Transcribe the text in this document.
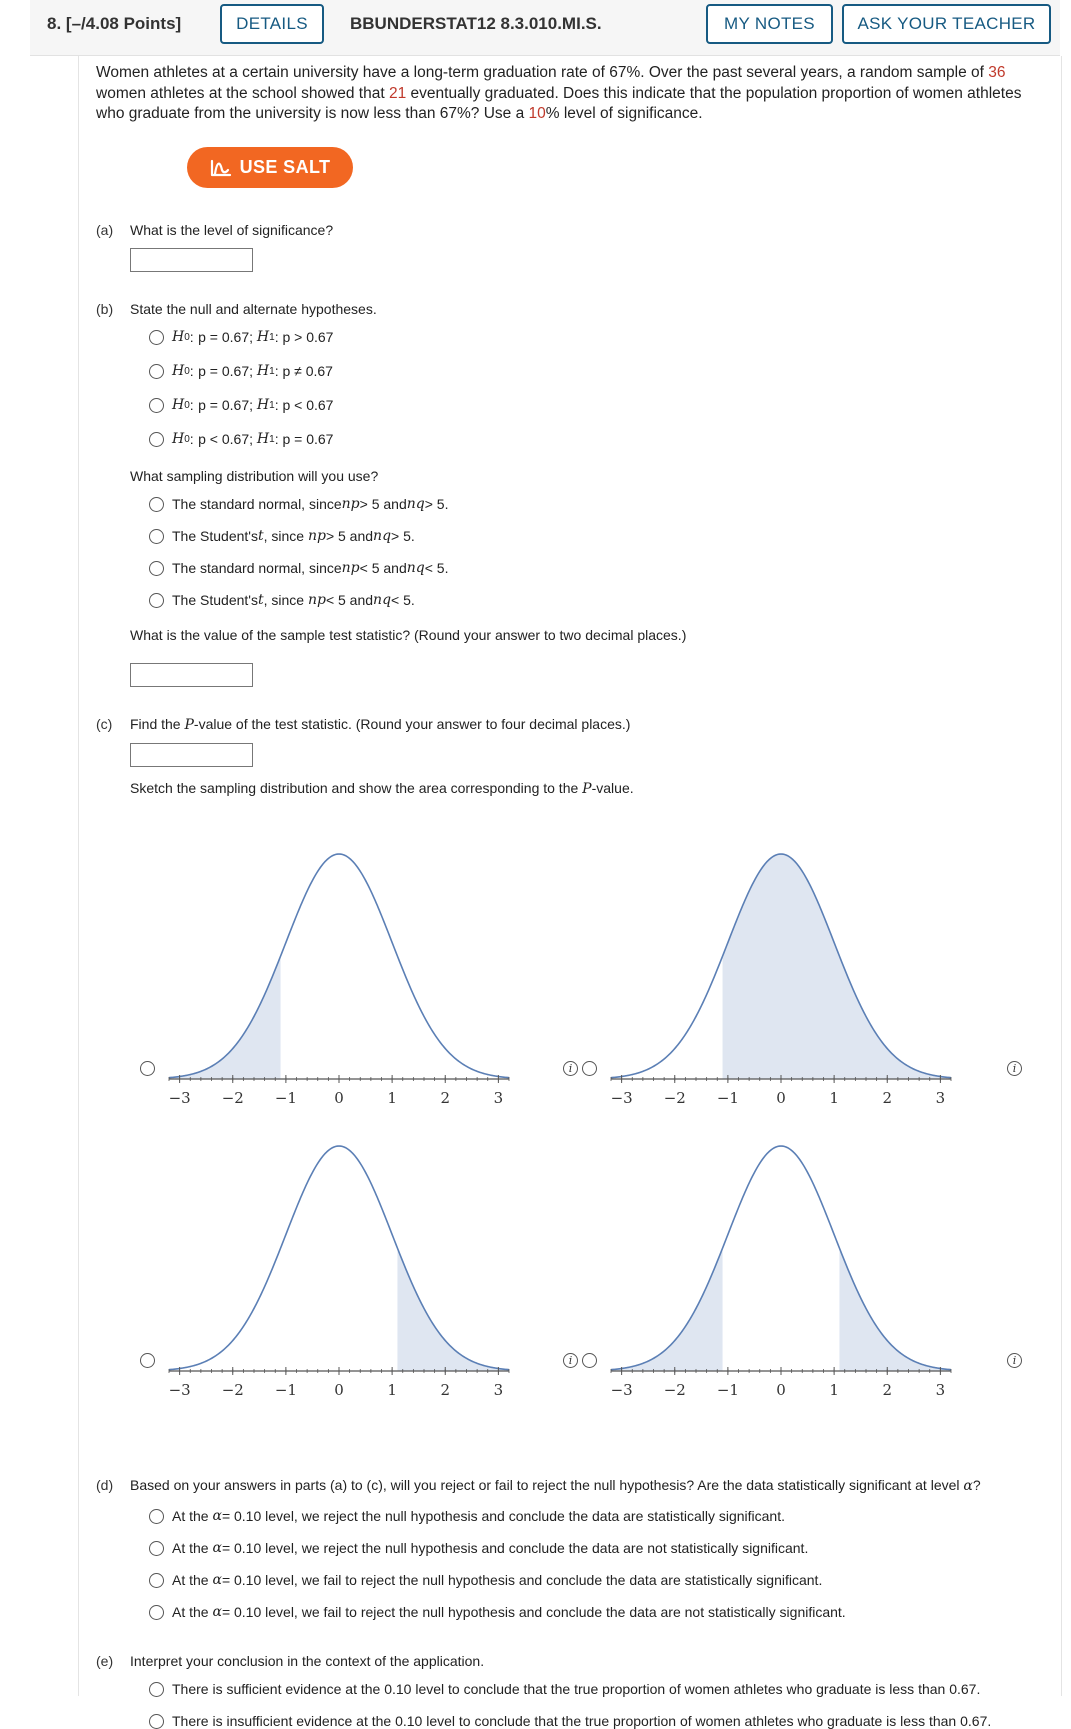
8. [–/4.08 Points]	DETAILS	BBUNDERSTAT12 8.3.010.MI.S.	MY NOTES	ASK YOUR TEACHER
Women athletes at a certain university have a long-term graduation rate of 67%. Over the past several years, a random sample of 36 women athletes at the school showed that 21 eventually graduated. Does this indicate that the population proportion of women athletes who graduate from the university is now less than 67%? Use a 10% level of significance.
USE SALT
(a) What is the level of significance?
(b) State the null and alternate hypotheses.
H 0 :
p = 0.67 ; H 1 : p > 0.67
H 0 :
p = 0.67 ; H 1 : p ≠ 0.67
H 0 :
p = 0.67 ; H 1 : p < 0.67
H 0 :
p < 0.67 ; H 1 : p = 0.67
What sampling distribution will you use?
The standard normal, since np > 5 and nq > 5.
The Student's t , since np > 5 and nq > 5.
The standard normal, since np < 5 and nq < 5.
The Student's t , since np < 5 and nq < 5.
What is the value of the sample test statistic? (Round your answer to two decimal places.)
(c) Find the P-value of the test statistic. (Round your answer to four decimal places.)
Sketch the sampling distribution and show the area corresponding to the P-value.
−3 −2 −1 0	1	2	3	−3 −2 −1 0	1	2	3
−3 −2 −1 0	1	2	3	−3 −2 −1 0	1	2	3
i	i
i	i
(d) Based on your answers in parts (a) to (c), will you reject or fail to reject the null hypothesis? Are the data statistically significant at level α?
At the α = 0.10 level, we reject the null hypothesis and conclude the data are statistically significant.
At the α = 0.10 level, we reject the null hypothesis and conclude the data are not statistically significant.
At the α = 0.10 level, we fail to reject the null hypothesis and conclude the data are statistically significant.
At the α = 0.10 level, we fail to reject the null hypothesis and conclude the data are not statistically significant.
(e) Interpret your conclusion in the context of the application.
There is sufficient evidence at the 0.10 level to conclude that the true proportion of women athletes who graduate is less than 0.67.
There is insufficient evidence at the 0.10 level to conclude that the true proportion of women athletes who graduate is less than 0.67.
